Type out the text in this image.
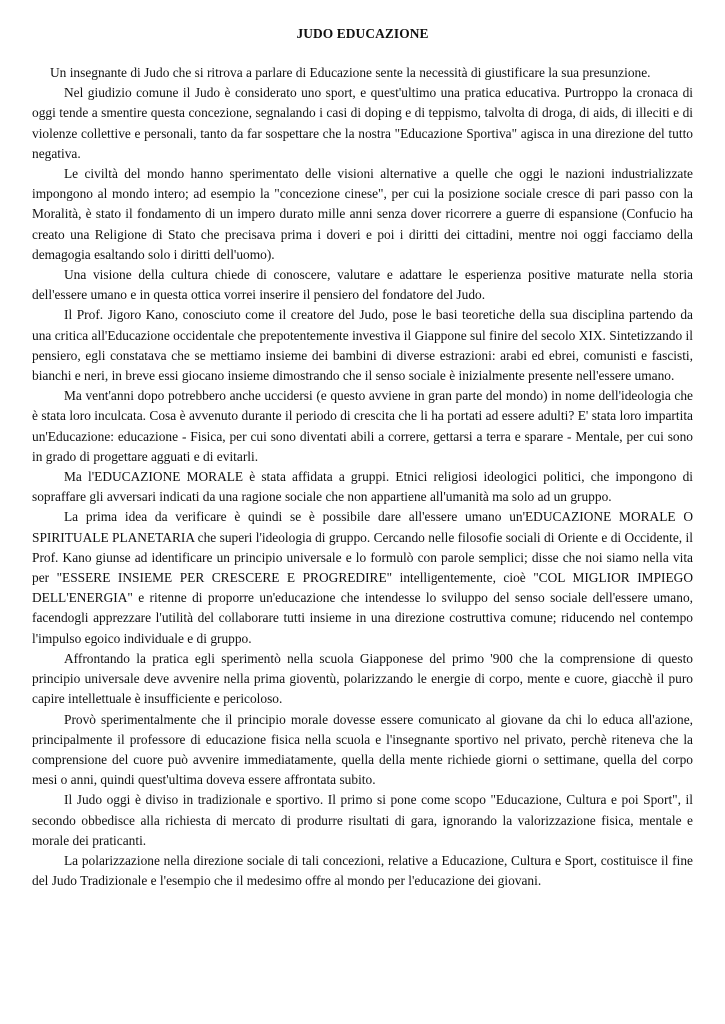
JUDO EDUCAZIONE

Un insegnante di Judo che si ritrova a parlare di Educazione sente la necessità di giustificare la sua presunzione.

Nel giudizio comune il Judo è considerato uno sport, e quest'ultimo una pratica educativa. Purtroppo la cronaca di oggi tende a smentire questa concezione, segnalando i casi di doping e di teppismo, talvolta di droga, di aids, di illeciti e di violenze collettive e personali, tanto da far sospettare che la nostra "Educazione Sportiva" agisca in una direzione del tutto negativa.

Le civiltà del mondo hanno sperimentato delle visioni alternative a quelle che oggi le nazioni industrializzate impongono al mondo intero; ad esempio la "concezione cinese", per cui la posizione sociale cresce di pari passo con la Moralità, è stato il fondamento di un impero durato mille anni senza dover ricorrere a guerre di espansione (Confucio ha creato una Religione di Stato che precisava prima i doveri e poi i diritti dei cittadini, mentre noi oggi facciamo della demagogia esaltando solo i diritti dell'uomo).

Una visione della cultura chiede di conoscere, valutare e adattare le esperienza positive maturate nella storia dell'essere umano e in questa ottica vorrei inserire il pensiero del fondatore del Judo.

Il Prof. Jigoro Kano, conosciuto come il creatore del Judo, pose le basi teoretiche della sua disciplina partendo da una critica all'Educazione occidentale che prepotentemente investiva il Giappone sul finire del secolo XIX. Sintetizzando il pensiero, egli constatava che se mettiamo insieme dei bambini di diverse estrazioni: arabi ed ebrei, comunisti e fascisti, bianchi e neri, in breve essi giocano insieme dimostrando che il senso sociale è inizialmente presente nell'essere umano.

Ma vent'anni dopo potrebbero anche uccidersi (e questo avviene in gran parte del mondo) in nome dell'ideologia che è stata loro inculcata. Cosa è avvenuto durante il periodo di crescita che li ha portati ad essere adulti? E' stata loro impartita un'Educazione: educazione - Fisica, per cui sono diventati abili a correre, gettarsi a terra e sparare - Mentale, per cui sono in grado di progettare agguati e di evitarli.

Ma l'EDUCAZIONE MORALE è stata affidata a gruppi. Etnici religiosi ideologici politici, che impongono di sopraffare gli avversari indicati da una ragione sociale che non appartiene all'umanità ma solo ad un gruppo.

La prima idea da verificare è quindi se è possibile dare all'essere umano un'EDUCAZIONE MORALE O SPIRITUALE PLANETARIA che superi l'ideologia di gruppo. Cercando nelle filosofie sociali di Oriente e di Occidente, il Prof. Kano giunse ad identificare un principio universale e lo formulò con parole semplici; disse che noi siamo nella vita per "ESSERE INSIEME PER CRESCERE E PROGREDIRE" intelligentemente, cioè "COL MIGLIOR IMPIEGO DELL'ENERGIA" e ritenne di proporre un'educazione che intendesse lo sviluppo del senso sociale dell'essere umano, facendogli apprezzare l'utilità del collaborare tutti insieme in una direzione costruttiva comune; riducendo nel contempo l'impulso egoico individuale e di gruppo.

Affrontando la pratica egli sperimentò nella scuola Giapponese del primo '900 che la comprensione di questo principio universale deve avvenire nella prima gioventù, polarizzando le energie di corpo, mente e cuore, giacchè il puro capire intellettuale è insufficiente e pericoloso.

Provò sperimentalmente che il principio morale dovesse essere comunicato al giovane da chi lo educa all'azione, principalmente il professore di educazione fisica nella scuola e l'insegnante sportivo nel privato, perchè riteneva che la comprensione del cuore può avvenire immediatamente, quella della mente richiede giorni o settimane, quella del corpo mesi o anni, quindi quest'ultima doveva essere affrontata subito.

Il Judo oggi è diviso in tradizionale e sportivo. Il primo si pone come scopo "Educazione, Cultura e poi Sport", il secondo obbedisce alla richiesta di mercato di produrre risultati di gara, ignorando la valorizzazione fisica, mentale e morale dei praticanti.

La polarizzazione nella direzione sociale di tali concezioni, relative a Educazione, Cultura e Sport, costituisce il fine del Judo Tradizionale e l'esempio che il medesimo offre al mondo per l'educazione dei giovani.
